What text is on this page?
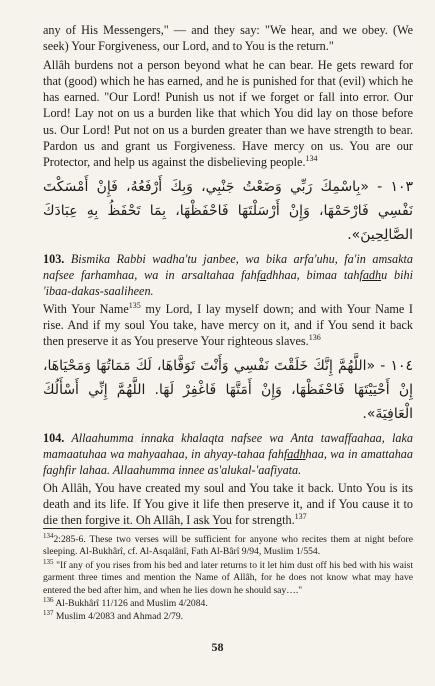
any of His Messengers," — and they say: "We hear, and we obey. (We seek) Your Forgiveness, our Lord, and to You is the return."

Allâh burdens not a person beyond what he can bear. He gets reward for that (good) which he has earned, and he is punished for that (evil) which he has earned. "Our Lord! Punish us not if we forget or fall into error. Our Lord! Lay not on us a burden like that which You did lay on those before us. Our Lord! Put not on us a burden greater than we have strength to bear. Pardon us and grant us Forgiveness. Have mercy on us. You are our Protector, and help us against the disbelieving people.$^{134}$

١٠٣ - «بِاسْمِكَ رَبِّي وَضَعْتُ جَنْبِي، وَبِكَ أَرْفَعُهُ، فَإِنْ أَمْسَكْتَ نَفْسِي فَارْحَمْهَا، وَإِنْ أَرْسَلْتَهَا فَاحْفَظْهَا، بِمَا تَحْفَظُ بِهِ عِبَادَكَ الصَّالِحِينَ».

103. Bismika Rabbi wadha'tu janbee, wa bika arfa'uhu, fa'in amsakta nafsee farhamhaa, wa in arsaltahaa fahfadhhaa, bimaa tahfadhu bihi 'ibaa-dakas-saaliheen.

With Your Name$^{135}$ my Lord, I lay myself down; and with Your Name I rise. And if my soul You take, have mercy on it, and if You send it back then preserve it as You preserve Your righteous slaves.$^{136}$

١٠٤ - «اللَّهُمَّ إِنَّكَ خَلَقْتَ نَفْسِي وَأَنْتَ تَوَفَّاهَا، لَكَ مَمَاتُهَا وَمَحْيَاهَا، إِنْ أَحْيَيْتَهَا فَاحْفَظْهَا، وَإِنْ أَمَتَّهَا فَاغْفِرْ لَهَا. اللَّهُمَّ إِنِّي أَسْأَلُكَ الْعَافِيَةَ».

104. Allaahumma innaka khalaqta nafsee wa Anta tawaffaahaa, laka mamaatuhaa wa mahyaahaa, in ahyay-tahaa fahfadhhaa, wa in amattahaa faghfir lahaa. Allaahumma innee as'alukal-'aafiyata.

Oh Allâh, You have created my soul and You take it back. Unto You is its death and its life. If You give it life then preserve it, and if You cause it to die then forgive it. Oh Allâh, I ask You for strength.$^{137}$

$^{134}$2:285-6. These two verses will be sufficient for anyone who recites them at night before sleeping. Al-Bukhârî, cf. Al-Asqalânî, Fath Al-Bârî 9/94, Muslim 1/554.
$^{135}$ "If any of you rises from his bed and later returns to it let him dust off his bed with his waist garment three times and mention the Name of Allâh, for he does not know what may have entered the bed after him, and when he lies down he should say…."
$^{136}$ Al-Bukhârî 11/126 and Muslim 4/2084.
$^{137}$ Muslim 4/2083 and Ahmad 2/79.
58
